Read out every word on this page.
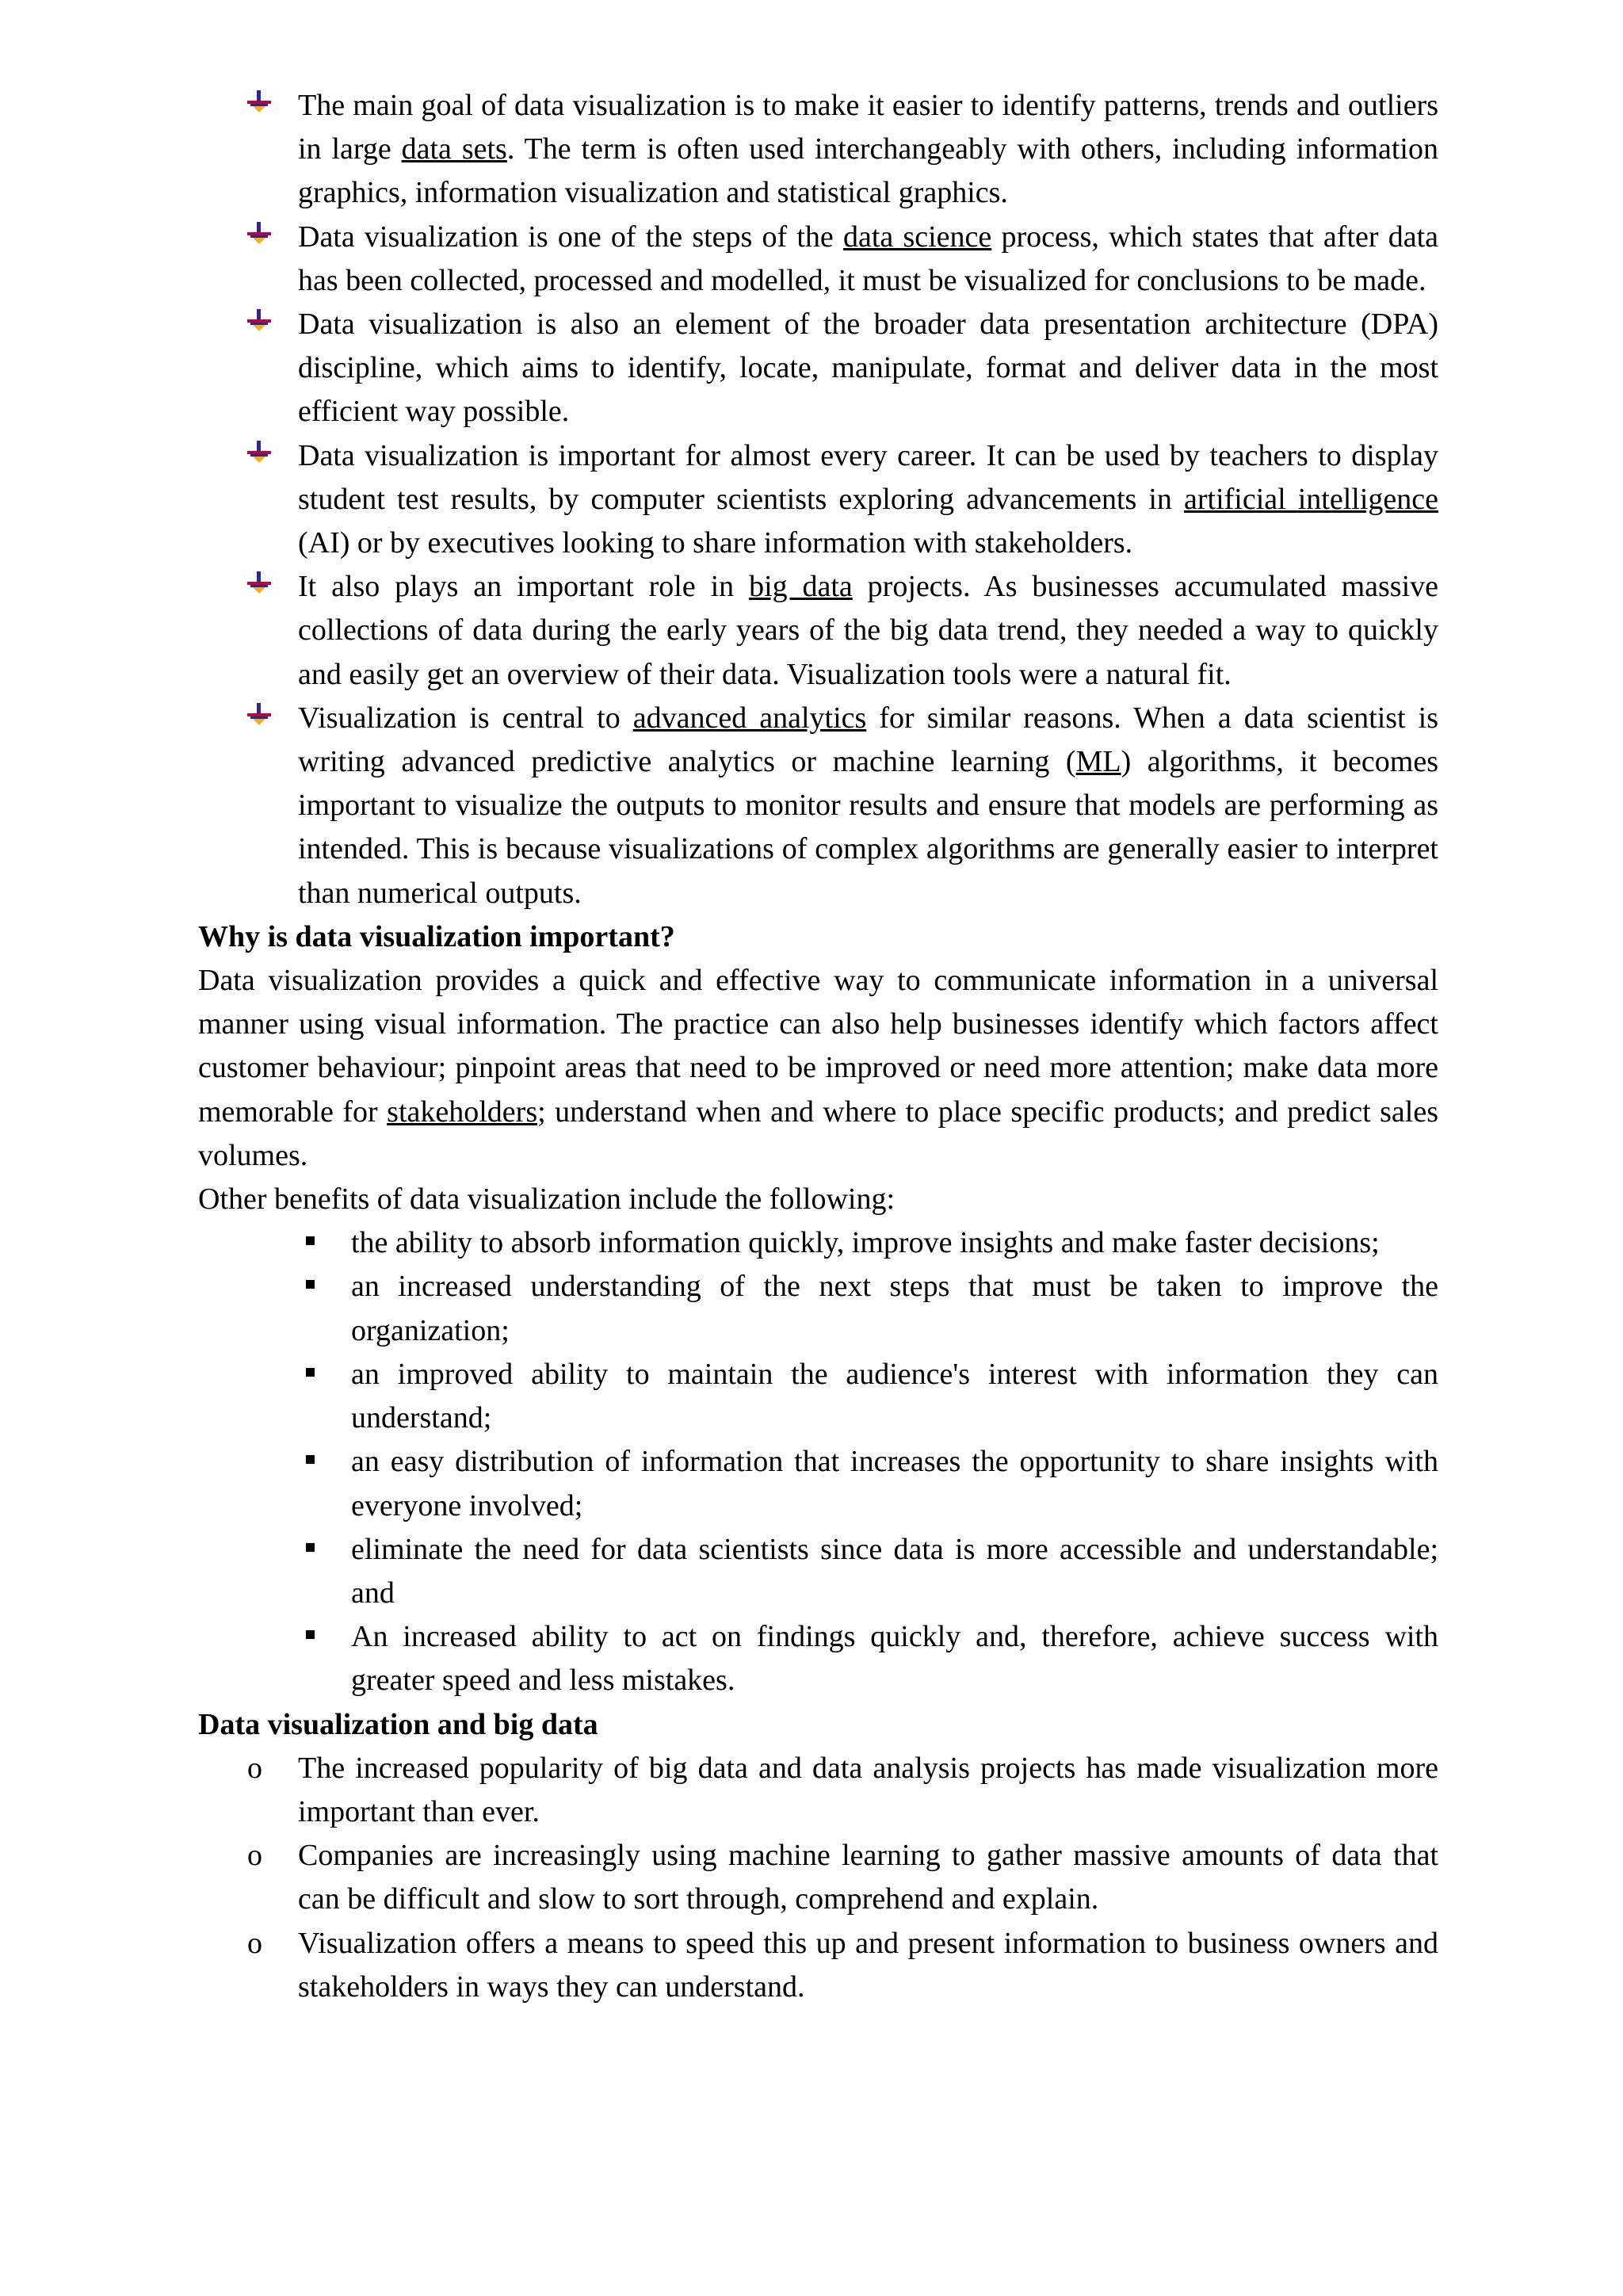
The main goal of data visualization is to make it easier to identify patterns, trends and outliers in large data sets. The term is often used interchangeably with others, including information graphics, information visualization and statistical graphics.

Data visualization is one of the steps of the data science process, which states that after data has been collected, processed and modelled, it must be visualized for conclusions to be made.

Data visualization is also an element of the broader data presentation architecture (DPA) discipline, which aims to identify, locate, manipulate, format and deliver data in the most efficient way possible.

Data visualization is important for almost every career. It can be used by teachers to display student test results, by computer scientists exploring advancements in artificial intelligence (AI) or by executives looking to share information with stakeholders.

It also plays an important role in big data projects. As businesses accumulated massive collections of data during the early years of the big data trend, they needed a way to quickly and easily get an overview of their data. Visualization tools were a natural fit.

Visualization is central to advanced analytics for similar reasons. When a data scientist is writing advanced predictive analytics or machine learning (ML) algorithms, it becomes important to visualize the outputs to monitor results and ensure that models are performing as intended. This is because visualizations of complex algorithms are generally easier to interpret than numerical outputs.

Why is data visualization important?

Data visualization provides a quick and effective way to communicate information in a universal manner using visual information. The practice can also help businesses identify which factors affect customer behaviour; pinpoint areas that need to be improved or need more attention; make data more memorable for stakeholders; understand when and where to place specific products; and predict sales volumes.

Other benefits of data visualization include the following:

the ability to absorb information quickly, improve insights and make faster decisions;

an increased understanding of the next steps that must be taken to improve the organization;

an improved ability to maintain the audience's interest with information they can understand;

an easy distribution of information that increases the opportunity to share insights with everyone involved;

eliminate the need for data scientists since data is more accessible and understandable; and

An increased ability to act on findings quickly and, therefore, achieve success with greater speed and less mistakes.

Data visualization and big data
o The increased popularity of big data and data analysis projects has made visualization more important than ever.

o Companies are increasingly using machine learning to gather massive amounts of data that can be difficult and slow to sort through, comprehend and explain.

o Visualization offers a means to speed this up and present information to business owners and stakeholders in ways they can understand.
